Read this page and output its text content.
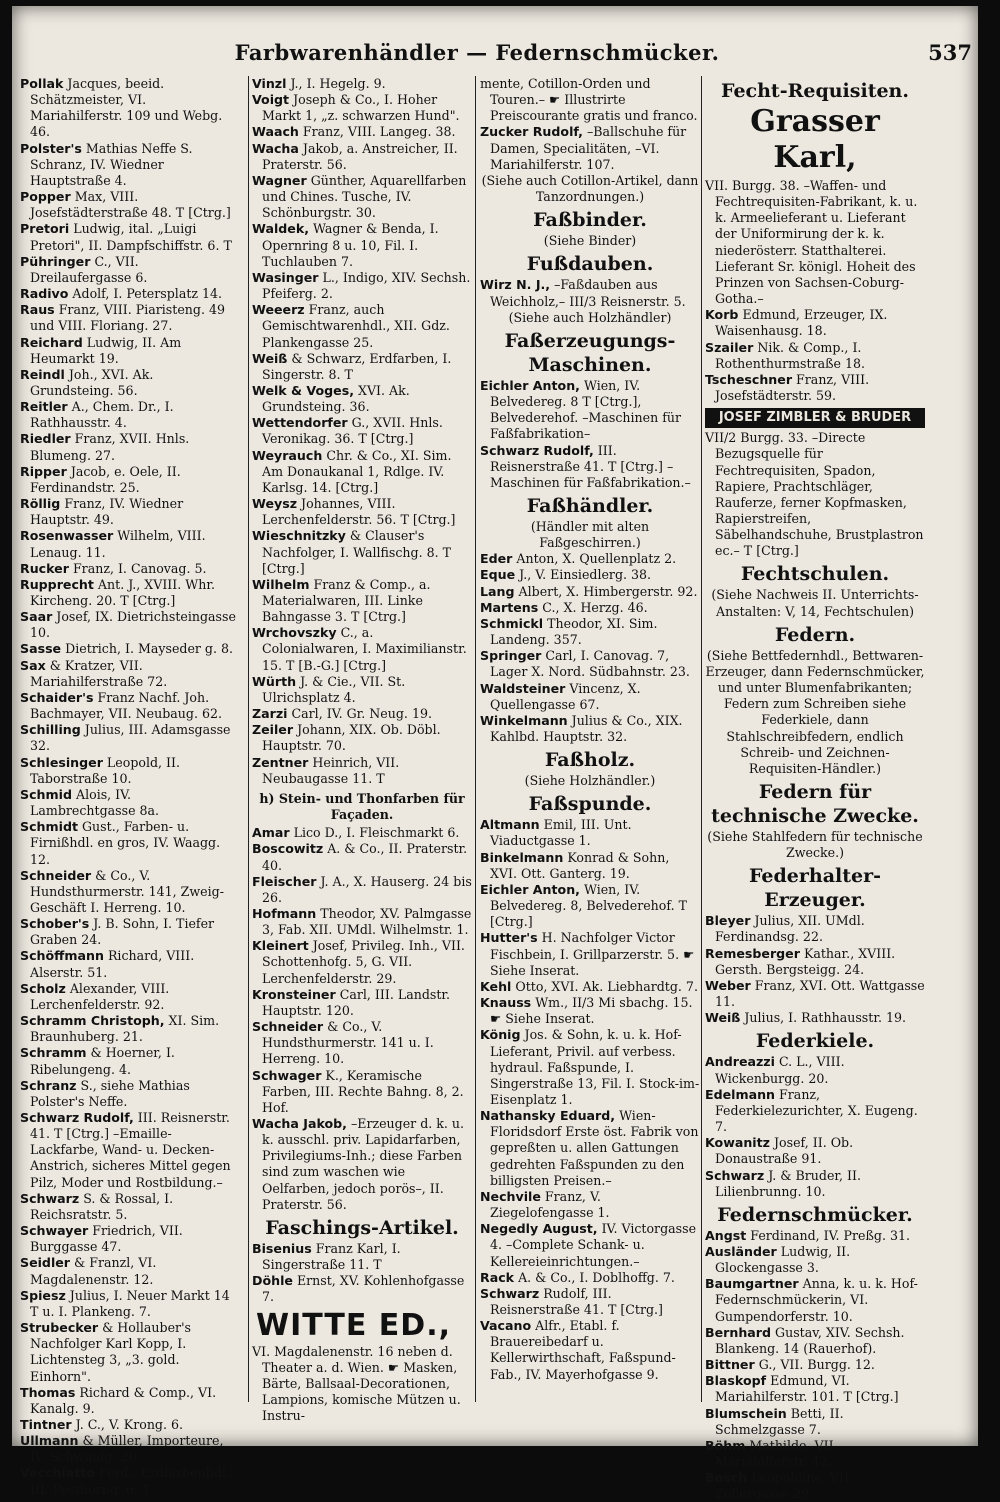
Farbwarenhändler — Federnschmücker.	537

Pollak Jacques, beeid. Schätzmeister, VI. Mariahilferstr. 109 und Webg. 46.

Polster's Mathias Neffe S. Schranz, IV. Wiedner Hauptstraße 4.

Popper Max, VIII. Josefstädterstraße 48. T [Ctrg.]

Pretori Ludwig, ital. „Luigi Pretori", II. Dampfschiffstr. 6. T

Pühringer C., VII. Dreilaufergasse 6.

Radivo Adolf, I. Petersplatz 14.

Raus Franz, VIII. Piaristeng. 49 und VIII. Floriang. 27.

Reichard Ludwig, II. Am Heumarkt 19.

Reindl Joh., XVI. Ak. Grundsteing. 56.

Reitler A., Chem. Dr., I. Rathhausstr. 4.

Riedler Franz, XVII. Hnls. Blumeng. 27.

Ripper Jacob, e. Oele, II. Ferdinandstr. 25.

Röllig Franz, IV. Wiedner Hauptstr. 49.

Rosenwasser Wilhelm, VIII. Lenaug. 11.

Rucker Franz, I. Canovag. 5.

Rupprecht Ant. J., XVIII. Whr. Kircheng. 20. T [Ctrg.]

Saar Josef, IX. Dietrichsteingasse 10.

Sasse Dietrich, I. Mayseder g. 8.

Sax & Kratzer, VII. Mariahilferstraße 72.

Schaider's Franz Nachf. Joh. Bachmayer, VII. Neubaug. 62.

Schilling Julius, III. Adamsgasse 32.

Schlesinger Leopold, II. Taborstraße 10.

Schmid Alois, IV. Lambrechtgasse 8a.

Schmidt Gust., Farben- u. Firnißhdl. en gros, IV. Waagg. 12.

Schneider & Co., V. Hundsthurmerstr. 141, Zweig-Geschäft I. Herreng. 10.

Schober's J. B. Sohn, I. Tiefer Graben 24.

Schöffmann Richard, VIII. Alserstr. 51.

Scholz Alexander, VIII. Lerchenfelderstr. 92.

Schramm Christoph, XI. Sim. Braunhuberg. 21.

Schramm & Hoerner, I. Ribelungeng. 4.

Schranz S., siehe Mathias Polster's Neffe.

Schwarz Rudolf, III. Reisnerstr. 41. T [Ctrg.] –Emaille-Lackfarbe, Wand- u. Decken-Anstrich, sicheres Mittel gegen Pilz, Moder und Rostbildung.–

Schwarz S. & Rossal, I. Reichsratstr. 5.

Schwayer Friedrich, VII. Burggasse 47.

Seidler & Franzl, VI. Magdalenenstr. 12.

Spiesz Julius, I. Neuer Markt 14 T u. I. Plankeng. 7.

Strubecker & Hollauber's Nachfolger Karl Kopp, I. Lichtensteg 3, „3. gold. Einhorn".

Thomas Richard & Comp., VI. Kanalg. 9.

Tintner J. C., V. Krong. 6.

Ullmann & Müller, Importeure, IV. Schwindg. 20.

Vecchiatto Ferd., Erdfarbenhdl., III. Posthorng. 6. T

Vinzl J., I. Hegelg. 9.

Voigt Joseph & Co., I. Hoher Markt 1, „z. schwarzen Hund".

Waach Franz, VIII. Langeg. 38.

Wacha Jakob, a. Anstreicher, II. Praterstr. 56.

Wagner Günther, Aquarellfarben und Chines. Tusche, IV. Schönburgstr. 30.

Waldek, Wagner & Benda, I. Opernring 8 u. 10, Fil. I. Tuchlauben 7.

Wasinger L., Indigo, XIV. Sechsh. Pfeiferg. 2.

Weeerz Franz, auch Gemischtwarenhdl., XII. Gdz. Plankengasse 25.

Weiß & Schwarz, Erdfarben, I. Singerstr. 8. T

Welk & Voges, XVI. Ak. Grundsteing. 36.

Wettendorfer G., XVII. Hnls. Veronikag. 36. T [Ctrg.]

Weyrauch Chr. & Co., XI. Sim. Am Donaukanal 1, Rdlge. IV. Karlsg. 14. [Ctrg.]

Weysz Johannes, VIII. Lerchenfelderstr. 56. T [Ctrg.]

Wieschnitzky & Clauser's Nachfolger, I. Wallfischg. 8. T [Ctrg.]

Wilhelm Franz & Comp., a. Materialwaren, III. Linke Bahngasse 3. T [Ctrg.]

Wrchovszky C., a. Colonialwaren, I. Maximilianstr. 15. T [B.-G.] [Ctrg.]

Würth J. & Cie., VII. St. Ulrichsplatz 4.

Zarzi Carl, IV. Gr. Neug. 19.

Zeiler Johann, XIX. Ob. Döbl. Hauptstr. 70.

Zentner Heinrich, VII. Neubaugasse 11. T

h) Stein- und Thonfarben für Façaden.

Amar Lico D., I. Fleischmarkt 6.

Boscowitz A. & Co., II. Praterstr. 40.

Fleischer J. A., X. Hauserg. 24 bis 26.

Hofmann Theodor, XV. Palmgasse 3, Fab. XII. UMdl. Wilhelmstr. 1.

Kleinert Josef, Privileg. Inh., VII. Schottenhofg. 5, G. VII. Lerchenfelderstr. 29.

Kronsteiner Carl, III. Landstr. Hauptstr. 120.

Schneider & Co., V. Hundsthurmerstr. 141 u. I. Herreng. 10.

Schwager K., Keramische Farben, III. Rechte Bahng. 8, 2. Hof.

Wacha Jakob, –Erzeuger d. k. u. k. ausschl. priv. Lapidarfarben, Privilegiums-Inh.; diese Farben sind zum waschen wie Oelfarben, jedoch porös–, II. Praterstr. 56.

Faschings-Artikel.

Bisenius Franz Karl, I. Singerstraße 11. T

Döhle Ernst, XV. Kohlenhofgasse 7.

WITTE ED.,

VI. Magdalenenstr. 16 neben d. Theater a. d. Wien. ☛ Masken, Bärte, Ballsaal-Decorationen, Lampions, komische Mützen u. Instru-

mente, Cotillon-Orden und Touren.– ☛ Illustrirte Preiscourante gratis und franco.

Zucker Rudolf, –Ballschuhe für Damen, Specialitäten, –VI. Mariahilferstr. 107.

(Siehe auch Cotillon-Artikel, dann Tanzordnungen.)
Faßbinder.
(Siehe Binder)
Fußdauben.

Wirz N. J., –Faßdauben aus Weichholz,– III/3 Reisnerstr. 5.

(Siehe auch Holzhändler)
Faßerzeugungs-Maschinen.

Eichler Anton, Wien, IV. Belvedereg. 8 T [Ctrg.], Belvederehof. –Maschinen für Faßfabrikation–

Schwarz Rudolf, III. Reisnerstraße 41. T [Ctrg.] –Maschinen für Faßfabrikation.–

Faßhändler.
(Händler mit alten Faßgeschirren.)

Eder Anton, X. Quellenplatz 2.

Eque J., V. Einsiedlerg. 38.

Lang Albert, X. Himbergerstr. 92.

Martens C., X. Herzg. 46.

Schmickl Theodor, XI. Sim. Landeng. 357.

Springer Carl, I. Canovag. 7, Lager X. Nord. Südbahnstr. 23.

Waldsteiner Vincenz, X. Quellengasse 67.

Winkelmann Julius & Co., XIX. Kahlbd. Hauptstr. 32.

Faßholz.
(Siehe Holzhändler.)
Faßspunde.

Altmann Emil, III. Unt. Viaductgasse 1.

Binkelmann Konrad & Sohn, XVI. Ott. Ganterg. 19.

Eichler Anton, Wien, IV. Belvedereg. 8, Belvederehof. T [Ctrg.]

Hutter's H. Nachfolger Victor Fischbein, I. Grillparzerstr. 5. ☛ Siehe Inserat.

Kehl Otto, XVI. Ak. Liebhardtg. 7.

Knauss Wm., II/3 Mi sbachg. 15. ☛ Siehe Inserat.

König Jos. & Sohn, k. u. k. Hof-Lieferant, Privil. auf verbess. hydraul. Faßspunde, I. Singerstraße 13, Fil. I. Stock-im-Eisenplatz 1.

Nathansky Eduard, Wien-Floridsdorf Erste öst. Fabrik von gepreßten u. allen Gattungen gedrehten Faßspunden zu den billigsten Preisen.–

Nechvile Franz, V. Ziegelofengasse 1.

Negedly August, IV. Victorgasse 4. –Complete Schank- u. Kellereieinrichtungen.–

Rack A. & Co., I. Doblhoffg. 7.

Schwarz Rudolf, III. Reisnerstraße 41. T [Ctrg.]

Vacano Alfr., Etabl. f. Brauereibedarf u. Kellerwirthschaft, Faßspund-Fab., IV. Mayerhofgasse 9.

Fecht-Requisiten.
Grasser Karl,

VII. Burgg. 38. –Waffen- und Fechtrequisiten-Fabrikant, k. u. k. Armeelieferant u. Lieferant der Uniformirung der k. k. niederösterr. Statthalterei. Lieferant Sr. königl. Hoheit des Prinzen von Sachsen-Coburg-Gotha.–

Korb Edmund, Erzeuger, IX. Waisenhausg. 18.

Szailer Nik. & Comp., I. Rothenthurmstraße 18.

Tscheschner Franz, VIII. Josefstädterstr. 59.

JOSEF ZIMBLER & BRUDER

VII/2 Burgg. 33. –Directe Bezugsquelle für Fechtrequisiten, Spadon, Rapiere, Prachtschläger, Rauferze, ferner Kopfmasken, Rapierstreifen, Säbelhandschuhe, Brustplastron ec.– T [Ctrg.]

Fechtschulen.
(Siehe Nachweis II. Unterrichts-Anstalten: V, 14, Fechtschulen)
Federn.
(Siehe Bettfedernhdl., Bettwaren-Erzeuger, dann Federnschmücker, und unter Blumenfabrikanten; Federn zum Schreiben siehe Federkiele, dann Stahlschreibfedern, endlich Schreib- und Zeichnen-Requisiten-Händler.)
Federn für technische Zwecke.
(Siehe Stahlfedern für technische Zwecke.)
Federhalter-Erzeuger.

Bleyer Julius, XII. UMdl. Ferdinandsg. 22.

Remesberger Kathar., XVIII. Gersth. Bergsteigg. 24.

Weber Franz, XVI. Ott. Wattgasse 11.

Weiß Julius, I. Rathhausstr. 19.

Federkiele.

Andreazzi C. L., VIII. Wickenburgg. 20.

Edelmann Franz, Federkielezurichter, X. Eugeng. 7.

Kowanitz Josef, II. Ob. Donaustraße 91.

Schwarz J. & Bruder, II. Lilienbrunng. 10.

Federnschmücker.

Angst Ferdinand, IV. Preßg. 31.

Ausländer Ludwig, II. Glockengasse 3.

Baumgartner Anna, k. u. k. Hof-Federnschmückerin, VI. Gumpendorferstr. 10.

Bernhard Gustav, XIV. Sechsh. Blankeng. 14 (Rauerhof).

Bittner G., VII. Burgg. 12.

Blaskopf Edmund, VI. Mariahilferstr. 101. T [Ctrg.]

Blumschein Betti, II. Schmelzgasse 7.

Böhm Mathilde, VII. Mariahilferstr. 42.

Bosch Leopoldine, VII. Zollergasse 29.
